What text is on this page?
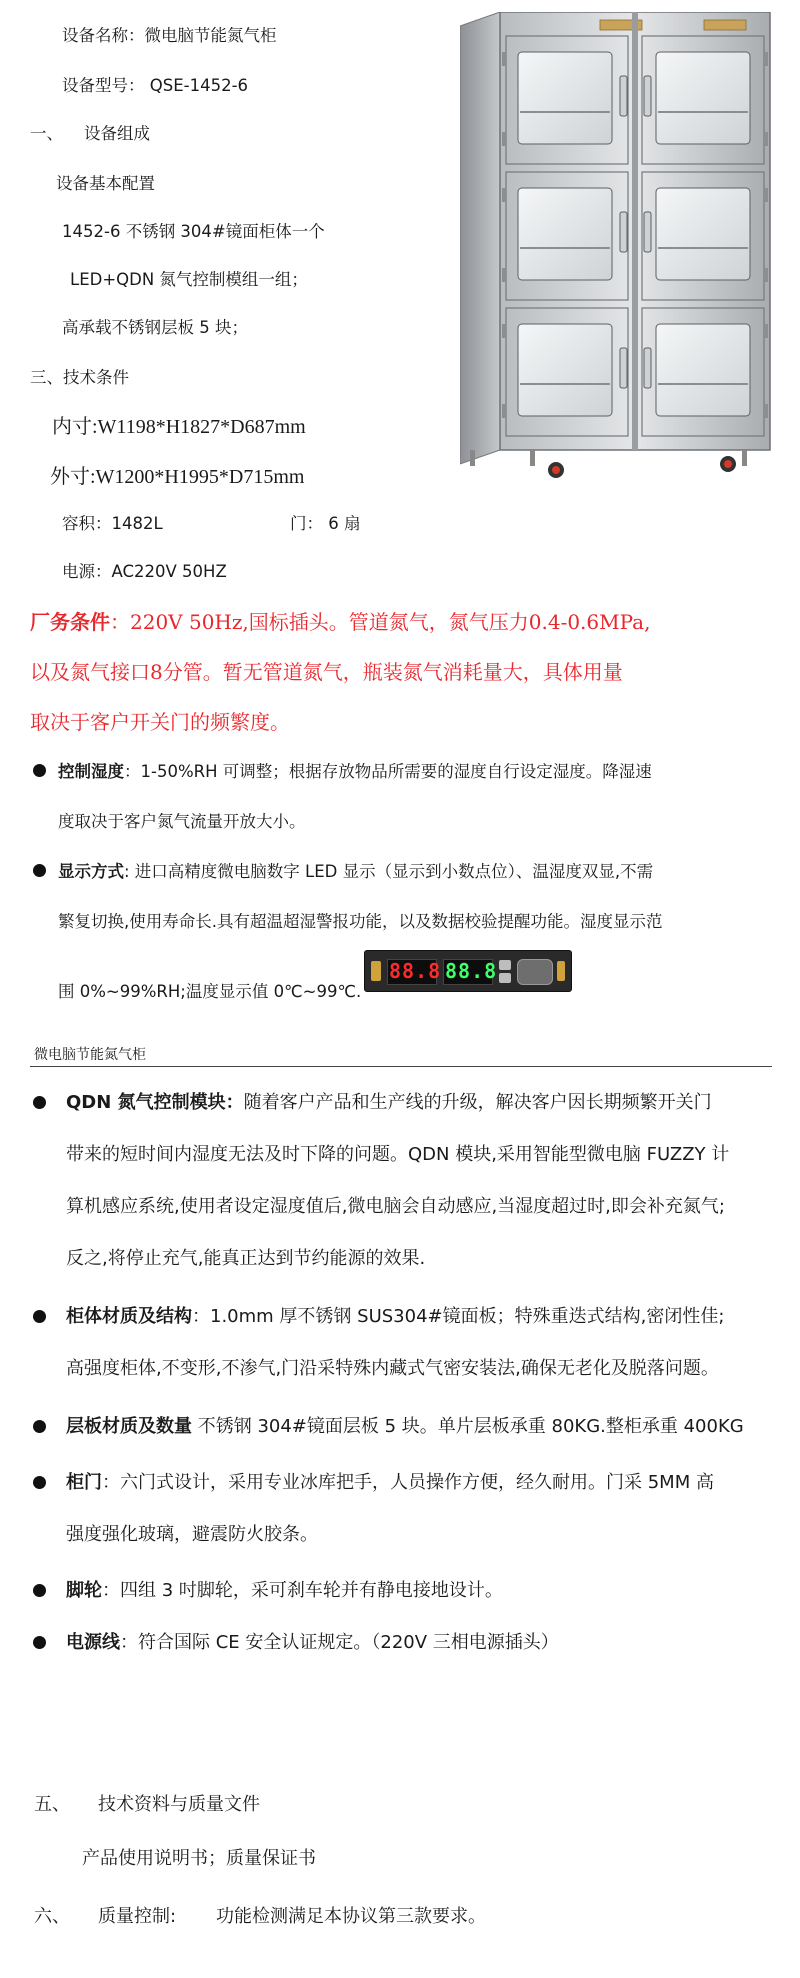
设备名称：微电脑节能氮气柜
设备型号： QSE-1452-6
一、 设备组成
设备基本配置
1452-6 不锈钢 304#镜面柜体一个
LED+QDN 氮气控制模组一组；
高承载不锈钢层板 5 块；
三、技术条件
内寸:W1198*H1827*D687mm
外寸:W1200*H1995*D715mm
容积：1482L	门： 6 扇
电源：AC220V 50HZ
厂务条件：220V 50Hz,国标插头。管道氮气，氮气压力0.4-0.6MPa,
以及氮气接口8分管。暂无管道氮气，瓶装氮气消耗量大，具体用量
取决于客户开关门的频繁度。
控制湿度：1-50%RH 可调整；根据存放物品所需要的湿度自行设定湿度。降湿速
度取决于客户氮气流量开放大小。
显示方式: 进口高精度微电脑数字 LED 显示（显示到小数点位）、温湿度双显,不需
繁复切换,使用寿命长.具有超温超湿警报功能，以及数据校验提醒功能。湿度显示范
围 0%~99%RH;温度显示值 0℃~99℃.
88.8 88.8
微电脑节能氮气柜
QDN 氮气控制模块：随着客户产品和生产线的升级，解决客户因长期频繁开关门
带来的短时间内湿度无法及时下降的问题。QDN 模块,采用智能型微电脑 FUZZY 计
算机感应系统,使用者设定湿度值后,微电脑会自动感应,当湿度超过时,即会补充氮气;
反之,将停止充气,能真正达到节约能源的效果.
柜体材质及结构：1.0mm 厚不锈钢 SUS304#镜面板；特殊重迭式结构,密闭性佳;
高强度柜体,不变形,不渗气,门沿采特殊内藏式气密安装法,确保无老化及脱落问题。
层板材质及数量 不锈钢 304#镜面层板 5 块。单片层板承重 80KG.整柜承重 400KG
柜门：六门式设计，采用专业冰库把手，人员操作方便，经久耐用。门采 5MM 高
强度强化玻璃，避震防火胶条。
脚轮：四组 3 吋脚轮，采可刹车轮并有静电接地设计。
电源线：符合国际 CE 安全认证规定。（220V 三相电源插头）
五、 技术资料与质量文件
产品使用说明书；质量保证书
六、 质量控制: 功能检测满足本协议第三款要求。
